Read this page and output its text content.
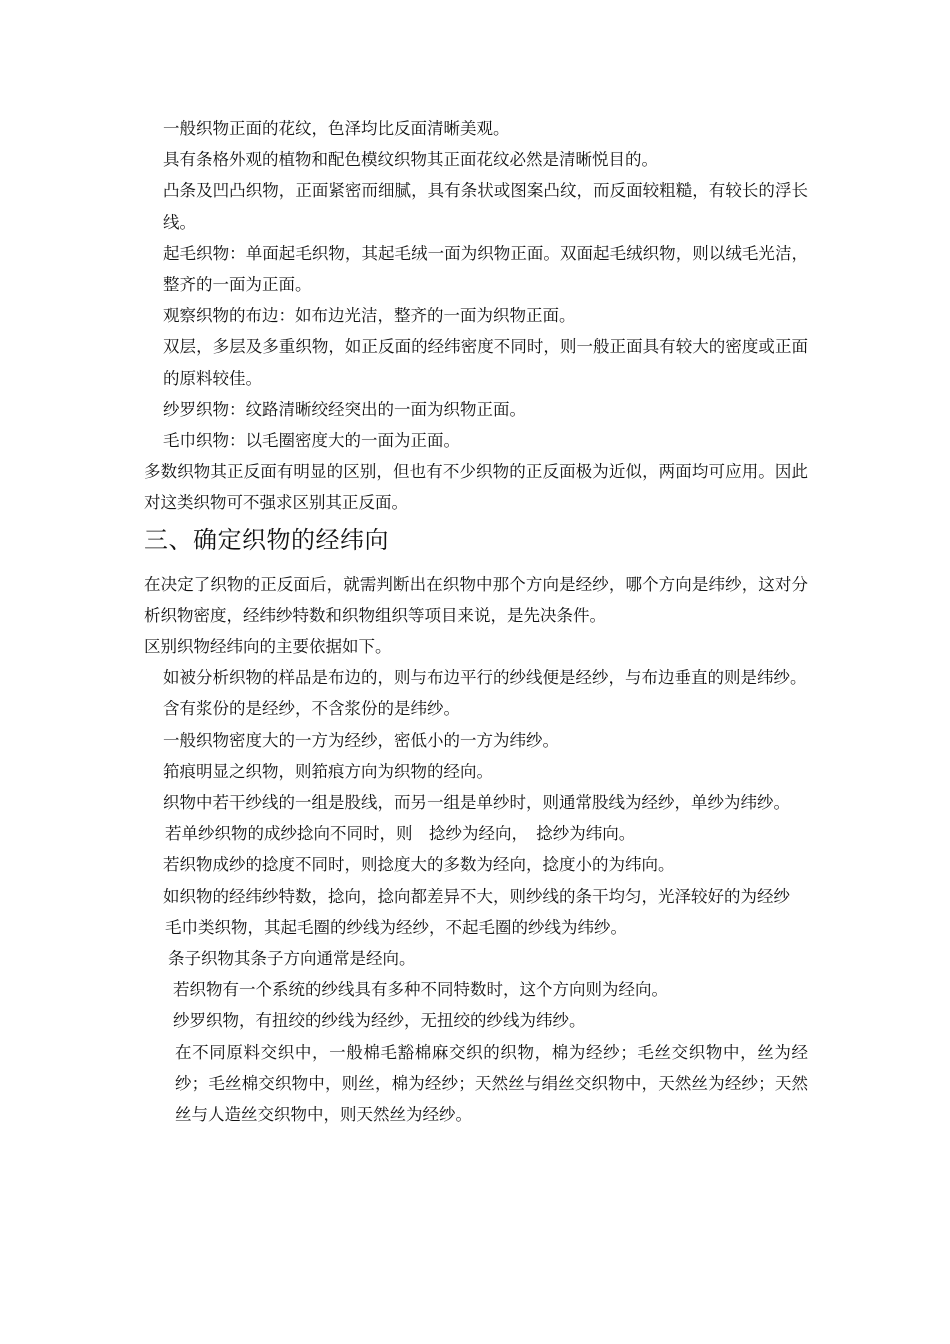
一般织物正面的花纹，色泽均比反面清晰美观。

具有条格外观的植物和配色模纹织物其正面花纹必然是清晰悦目的。

凸条及凹凸织物，正面紧密而细腻，具有条状或图案凸纹，而反面较粗糙，有较长的浮长线。

起毛织物：单面起毛织物，其起毛绒一面为织物正面。双面起毛绒织物，则以绒毛光洁，整齐的一面为正面。

观察织物的布边：如布边光洁，整齐的一面为织物正面。

双层，多层及多重织物，如正反面的经纬密度不同时，则一般正面具有较大的密度或正面的原料较佳。

纱罗织物：纹路清晰绞经突出的一面为织物正面。

毛巾织物：以毛圈密度大的一面为正面。

多数织物其正反面有明显的区别，但也有不少织物的正反面极为近似，两面均可应用。因此对这类织物可不强求区别其正反面。

三、确定织物的经纬向

在决定了织物的正反面后，就需判断出在织物中那个方向是经纱，哪个方向是纬纱，这对分析织物密度，经纬纱特数和织物组织等项目来说，是先决条件。

区别织物经纬向的主要依据如下。

如被分析织物的样品是布边的，则与布边平行的纱线便是经纱，与布边垂直的则是纬纱。

含有浆份的是经纱，不含浆份的是纬纱。

一般织物密度大的一方为经纱，密低小的一方为纬纱。

筘痕明显之织物，则筘痕方向为织物的经向。

织物中若干纱线的一组是股线，而另一组是单纱时，则通常股线为经纱，单纱为纬纱。

若单纱织物的成纱捻向不同时，则　捻纱为经向，　捻纱为纬向。

若织物成纱的捻度不同时，则捻度大的多数为经向，捻度小的为纬向。

如织物的经纬纱特数，捻向，捻向都差异不大，则纱线的条干均匀，光泽较好的为经纱

毛巾类织物，其起毛圈的纱线为经纱，不起毛圈的纱线为纬纱。

条子织物其条子方向通常是经向。

若织物有一个系统的纱线具有多种不同特数时，这个方向则为经向。

纱罗织物，有扭绞的纱线为经纱，无扭绞的纱线为纬纱。

在不同原料交织中，一般棉毛豁棉麻交织的织物，棉为经纱；毛丝交织物中，丝为经纱；毛丝棉交织物中，则丝，棉为经纱；天然丝与绢丝交织物中，天然丝为经纱；天然丝与人造丝交织物中，则天然丝为经纱。
